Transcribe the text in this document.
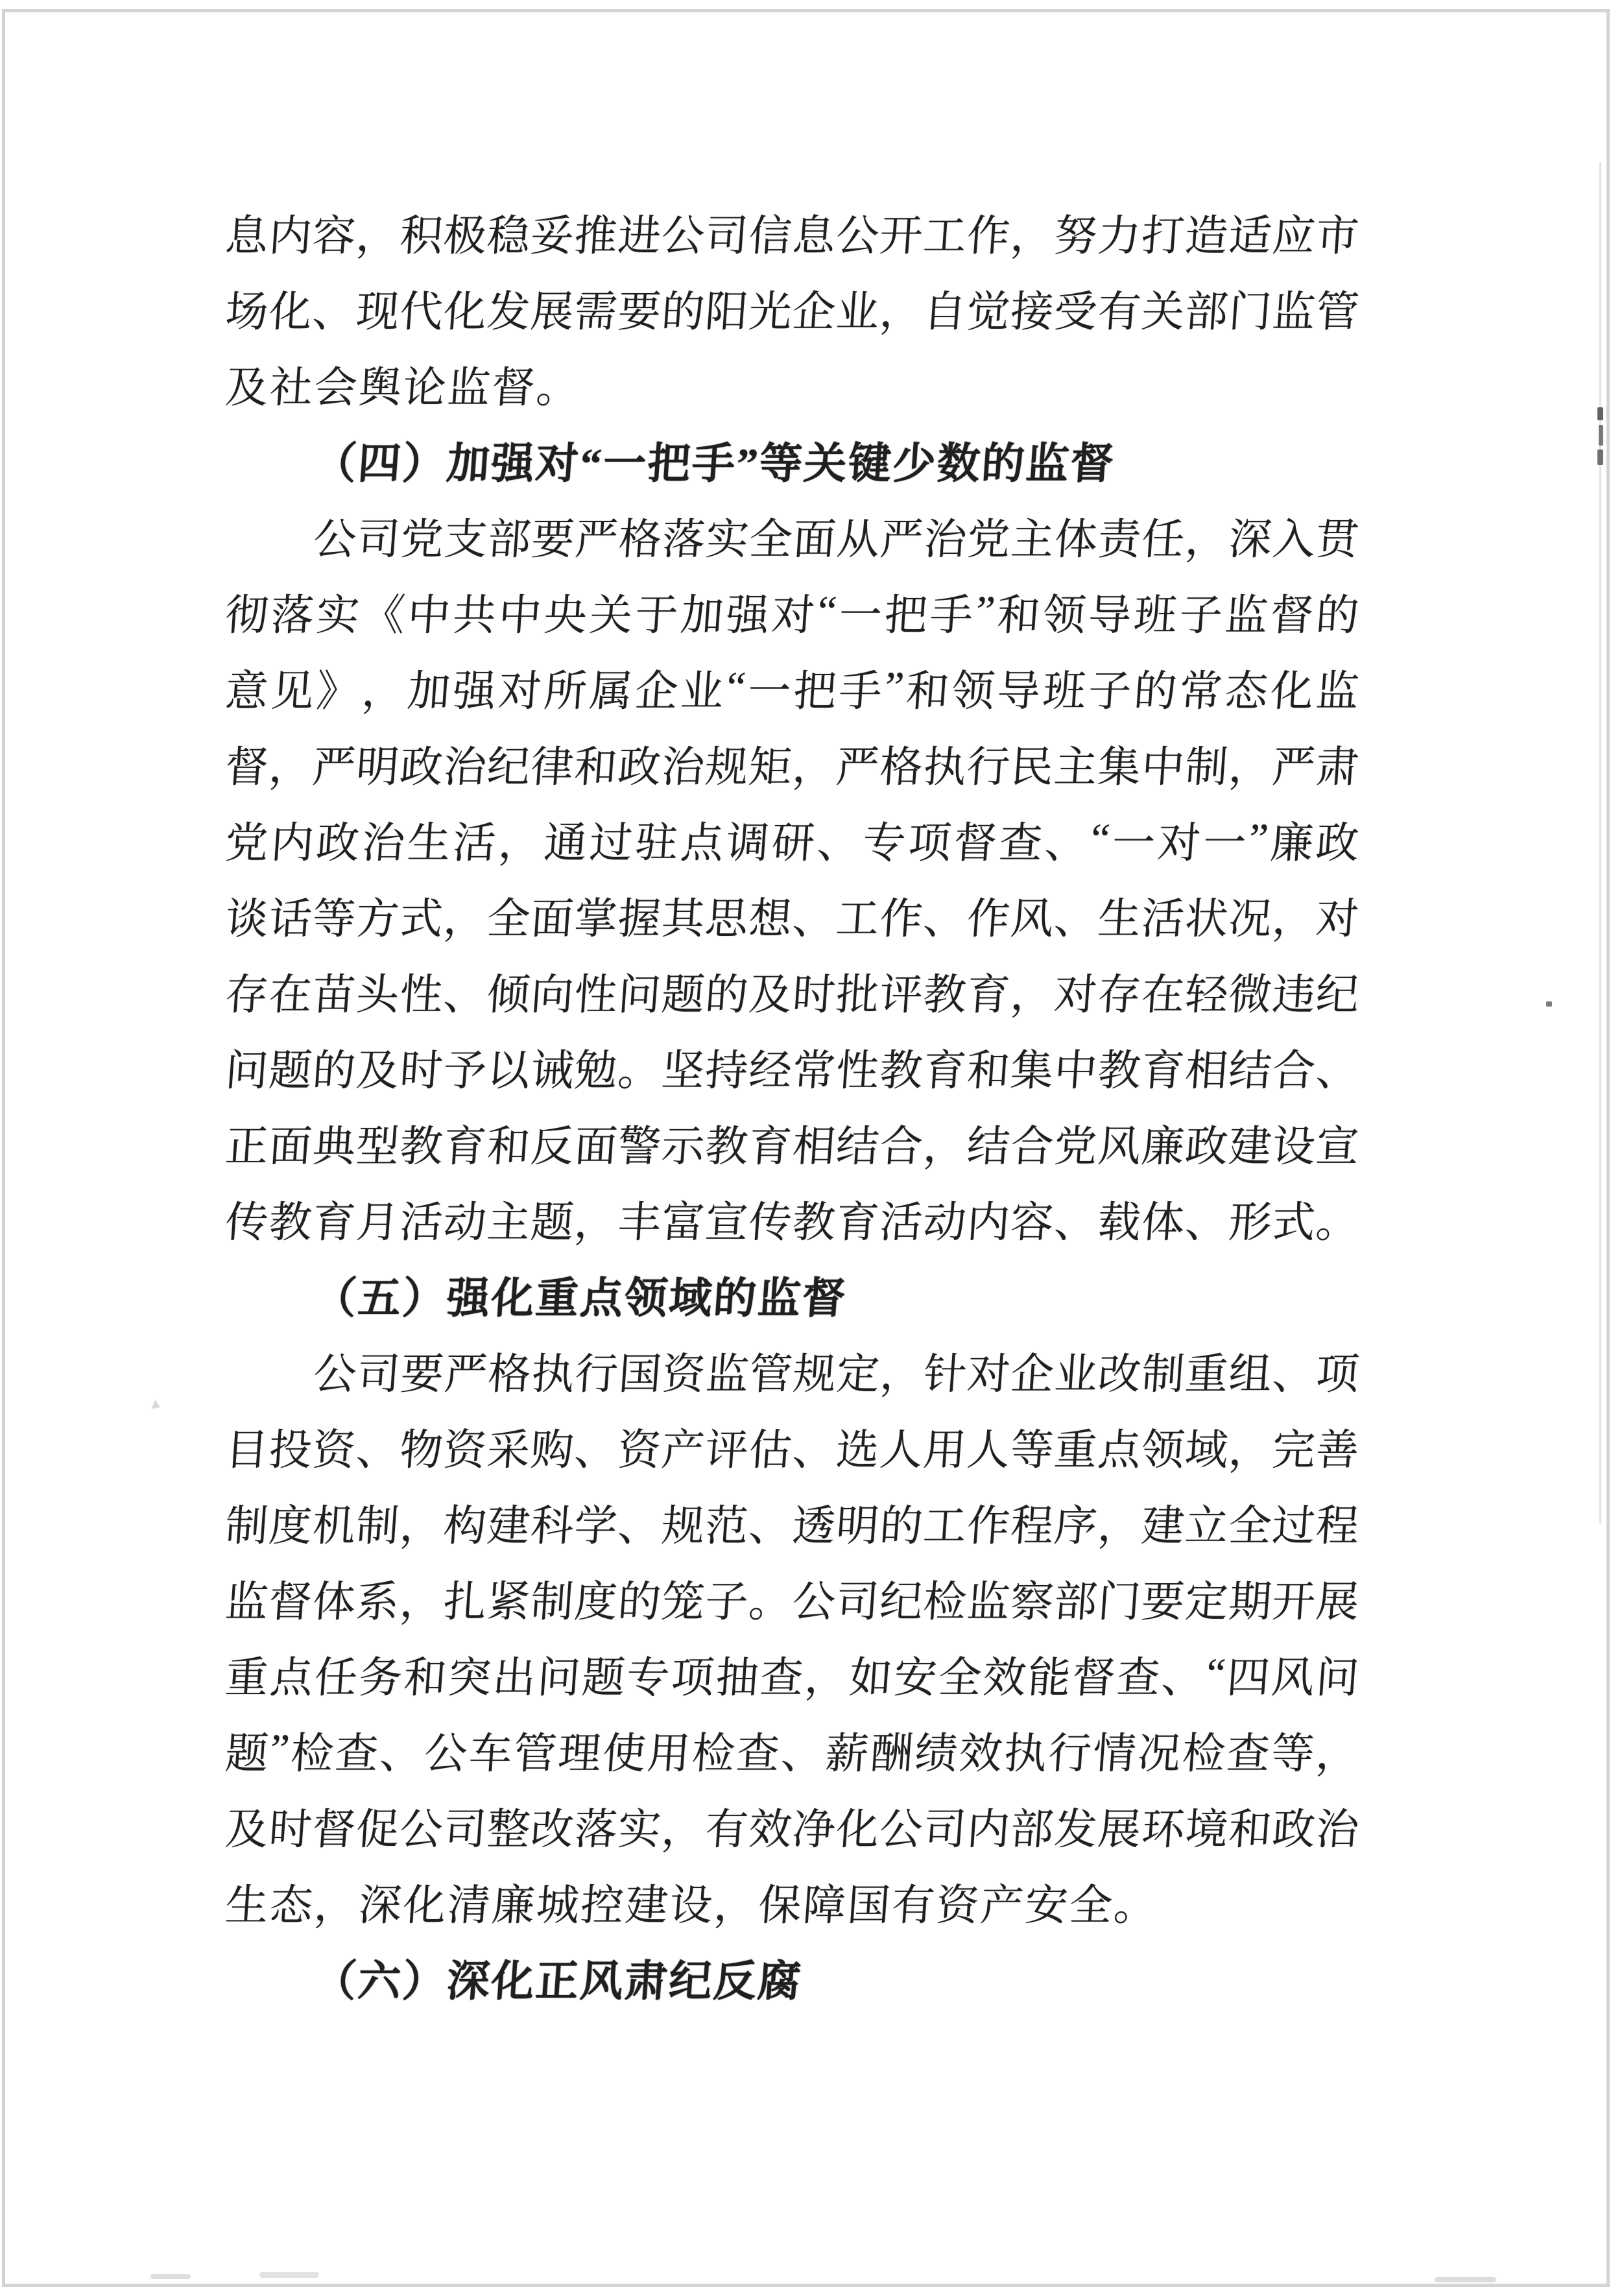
息
内
容
，
积
极
稳
妥
推
进
公
司
信
息
公
开
工
作
，
努
力
打
造
适
应
市
场
化
、
现
代
化
发
展
需
要
的
阳
光
企
业
，
自
觉
接
受
有
关
部
门
监
管
及社会舆论监督。
（四）加强对“一把手”等关键少数的监督
公
司
党
支
部
要
严
格
落
实
全
面
从
严
治
党
主
体
责
任
，
深
入
贯
彻 落 实 《 中 共 中 央 关 于 加 强 对 “
一 把 手 ”
和 领 导 班 子 监 督 的
意 见 》 ， 加 强 对 所 属 企 业 “
一 把 手 ”
和 领 导 班 子 的 常 态 化 监
督
，
严
明
政
治
纪
律
和
政
治
规
矩
，
严
格
执
行
民
主
集
中
制
，
严
肃
党 内 政 治 生 活 ， 通 过 驻 点 调 研 、 专 项 督 查 、 “
一 对 一 ”
廉 政
谈
话
等
方
式
，
全
面
掌
握
其
思
想
、
工
作
、
作
风
、
生
活
状
况
，
对
存
在
苗
头
性
、
倾
向
性
问
题
的
及
时
批
评
教
育
，
对
存
在
轻
微
违
纪
问
题
的
及
时
予
以
诫
勉
。
坚
持
经
常
性
教
育
和
集
中
教
育
相
结
合
、
正
面
典
型
教
育
和
反
面
警
示
教
育
相
结
合
，
结
合
党
风
廉
政
建
设
宣
传
教
育
月
活
动
主
题
，
丰
富
宣
传
教
育
活
动
内
容
、
载
体
、
形
式
。
（五）强化重点领域的监督
公
司
要
严
格
执
行
国
资
监
管
规
定
，
针
对
企
业
改
制
重
组
、
项
目
投
资
、
物
资
采
购
、
资
产
评
估
、
选
人
用
人
等
重
点
领
域
，
完
善
制
度
机
制
，
构
建
科
学
、
规
范
、
透
明
的
工
作
程
序
，
建
立
全
过
程
监
督
体
系
，
扎
紧
制
度
的
笼
子
。
公
司
纪
检
监
察
部
门
要
定
期
开
展
重
点
任
务
和
突
出
问
题
专
项
抽
查
，
如
安
全
效
能
督
查
、
“
四
风
问
题
”
检
查
、
公
车
管
理
使
用
检
查
、
薪
酬
绩
效
执
行
情
况
检
查
等
，
及
时
督
促
公
司
整
改
落
实
，
有
效
净
化
公
司
内
部
发
展
环
境
和
政
治
生态，深化清廉城控建设，保障国有资产安全。
（六）深化正风肃纪反腐
